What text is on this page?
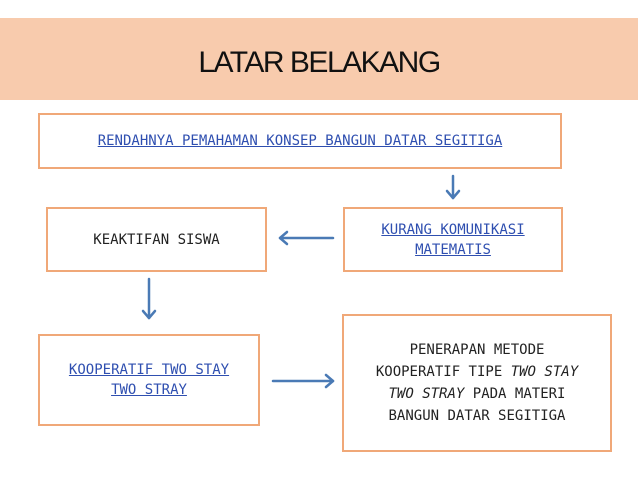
LATAR BELAKANG
RENDAHNYA PEMAHAMAN KONSEP BANGUN DATAR SEGITIGA
KURANG KOMUNIKASI
MATEMATIS
KEAKTIFAN SISWA
KOOPERATIF TWO STAY
TWO STRAY
PENERAPAN METODE
KOOPERATIF TIPE TWO STAY
TWO STRAY PADA MATERI
BANGUN DATAR SEGITIGA
